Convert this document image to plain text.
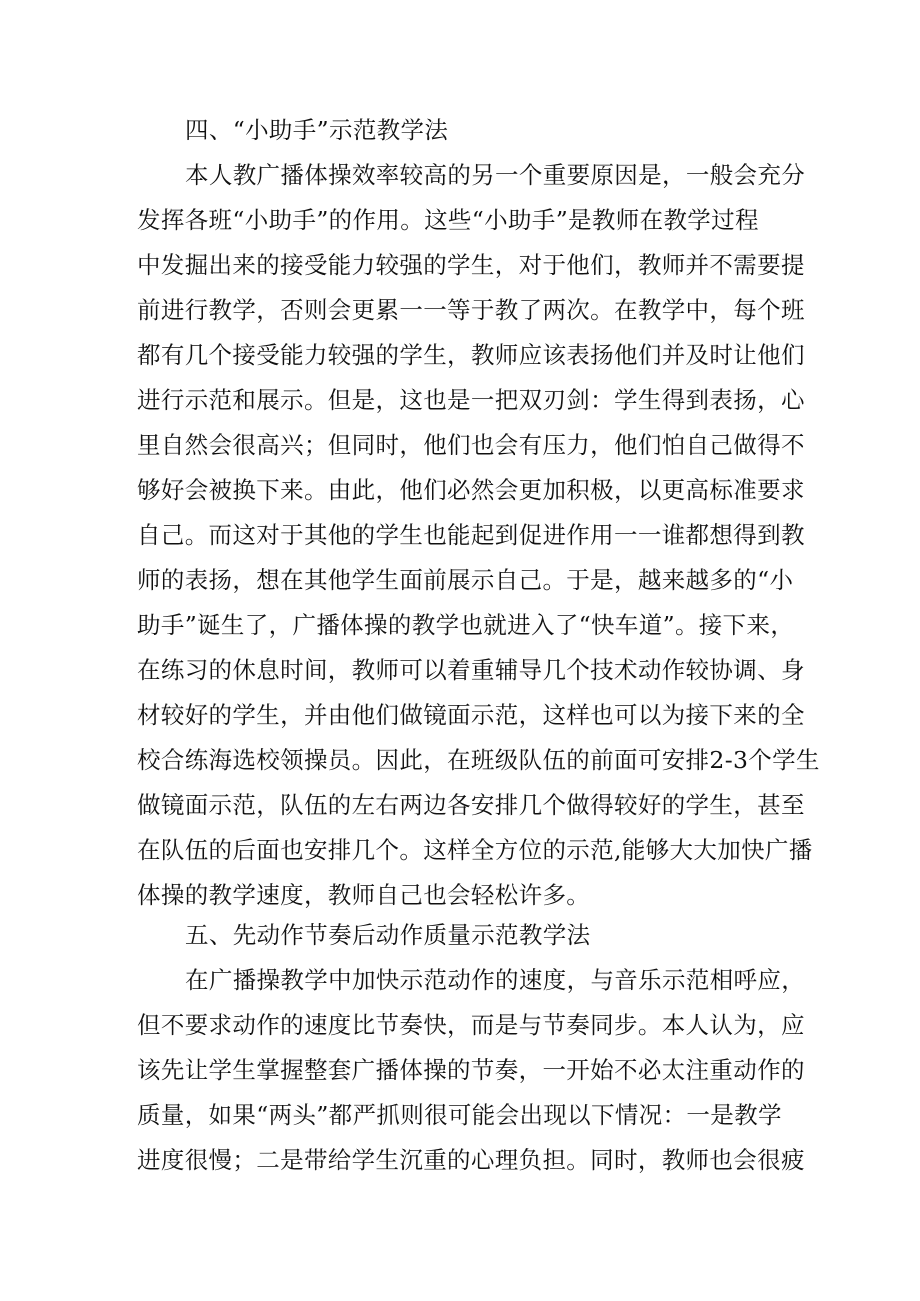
四、“小助手”示范教学法
本人教广播体操效率较高的另一个重要原因是，一般会充分
发挥各班“小助手”的作用。这些“小助手”是教师在教学过程
中发掘出来的接受能力较强的学生，对于他们，教师并不需要提
前进行教学，否则会更累一一等于教了两次。在教学中，每个班
都有几个接受能力较强的学生，教师应该表扬他们并及时让他们
进行示范和展示。但是，这也是一把双刃剑：学生得到表扬，心
里自然会很高兴；但同时，他们也会有压力，他们怕自己做得不
够好会被换下来。由此，他们必然会更加积极，以更高标准要求
自己。而这对于其他的学生也能起到促进作用一一谁都想得到教
师的表扬，想在其他学生面前展示自己。于是，越来越多的“小
助手”诞生了，广播体操的教学也就进入了“快车道”。接下来，
在练习的休息时间，教师可以着重辅导几个技术动作较协调、身
材较好的学生，并由他们做镜面示范，这样也可以为接下来的全
校合练海选校领操员。因此，在班级队伍的前面可安排2-3个学生
做镜面示范，队伍的左右两边各安排几个做得较好的学生，甚至
在队伍的后面也安排几个。这样全方位的示范,能够大大加快广播
体操的教学速度，教师自己也会轻松许多。
五、先动作节奏后动作质量示范教学法
在广播操教学中加快示范动作的速度，与音乐示范相呼应，
但不要求动作的速度比节奏快，而是与节奏同步。本人认为，应
该先让学生掌握整套广播体操的节奏，一开始不必太注重动作的
质量，如果“两头”都严抓则很可能会出现以下情况：一是教学
进度很慢；二是带给学生沉重的心理负担。同时，教师也会很疲
